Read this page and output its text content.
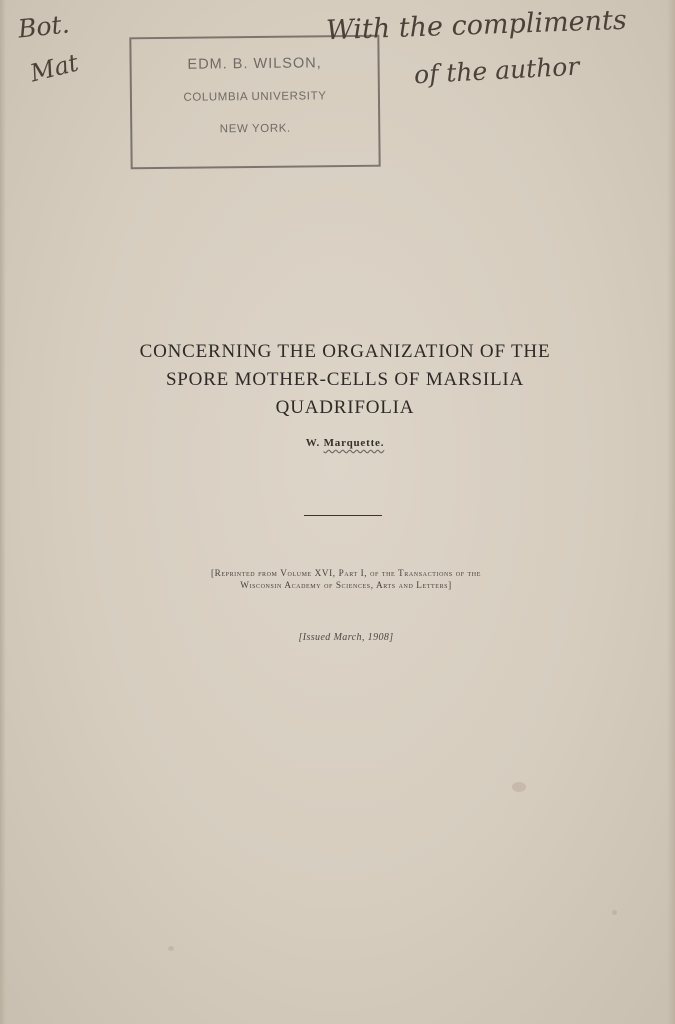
Bot.
Mat	EDM. B. WILSON,
COLUMBIA UNIVERSITY
NEW YORK.
With the compliments
of the author
CONCERNING THE ORGANIZATION OF THE
SPORE MOTHER-CELLS OF MARSILIA
QUADRIFOLIA
W. Marquette.
[Reprinted from Volume XVI, Part I, of the Transactions of the
Wisconsin Academy of Sciences, Arts and Letters]
[Issued March, 1908]
